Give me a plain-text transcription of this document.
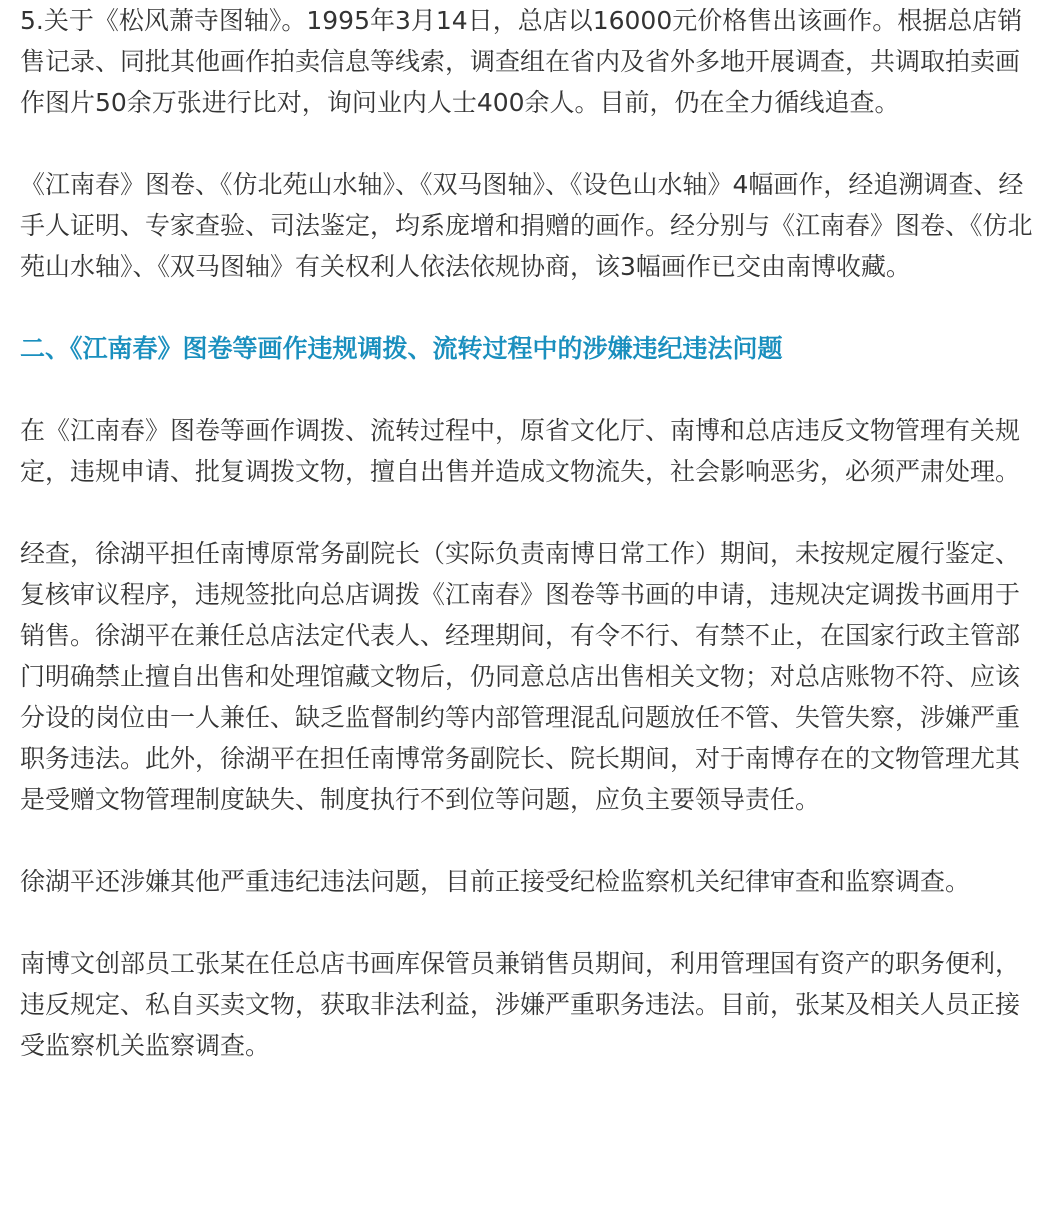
5.关于《松风萧寺图轴》。1995年3月14日，总店以16000元价格售出该画作。根据总店销售记录、同批其他画作拍卖信息等线索，调查组在省内及省外多地开展调查，共调取拍卖画作图片50余万张进行比对，询问业内人士400余人。目前，仍在全力循线追查。

《江南春》图卷、《仿北苑山水轴》、《双马图轴》、《设色山水轴》4幅画作，经追溯调查、经手人证明、专家查验、司法鉴定，均系庞增和捐赠的画作。经分别与《江南春》图卷、《仿北苑山水轴》、《双马图轴》有关权利人依法依规协商，该3幅画作已交由南博收藏。

二、《江南春》图卷等画作违规调拨、流转过程中的涉嫌违纪违法问题

在《江南春》图卷等画作调拨、流转过程中，原省文化厅、南博和总店违反文物管理有关规定，违规申请、批复调拨文物，擅自出售并造成文物流失，社会影响恶劣，必须严肃处理。

经查，徐湖平担任南博原常务副院长（实际负责南博日常工作）期间，未按规定履行鉴定、复核审议程序，违规签批向总店调拨《江南春》图卷等书画的申请，违规决定调拨书画用于销售。徐湖平在兼任总店法定代表人、经理期间，有令不行、有禁不止，在国家行政主管部门明确禁止擅自出售和处理馆藏文物后，仍同意总店出售相关文物；对总店账物不符、应该分设的岗位由一人兼任、缺乏监督制约等内部管理混乱问题放任不管、失管失察，涉嫌严重职务违法。此外，徐湖平在担任南博常务副院长、院长期间，对于南博存在的文物管理尤其是受赠文物管理制度缺失、制度执行不到位等问题，应负主要领导责任。

徐湖平还涉嫌其他严重违纪违法问题，目前正接受纪检监察机关纪律审查和监察调查。

南博文创部员工张某在任总店书画库保管员兼销售员期间，利用管理国有资产的职务便利，违反规定、私自买卖文物，获取非法利益，涉嫌严重职务违法。目前，张某及相关人员正接受监察机关监察调查。
